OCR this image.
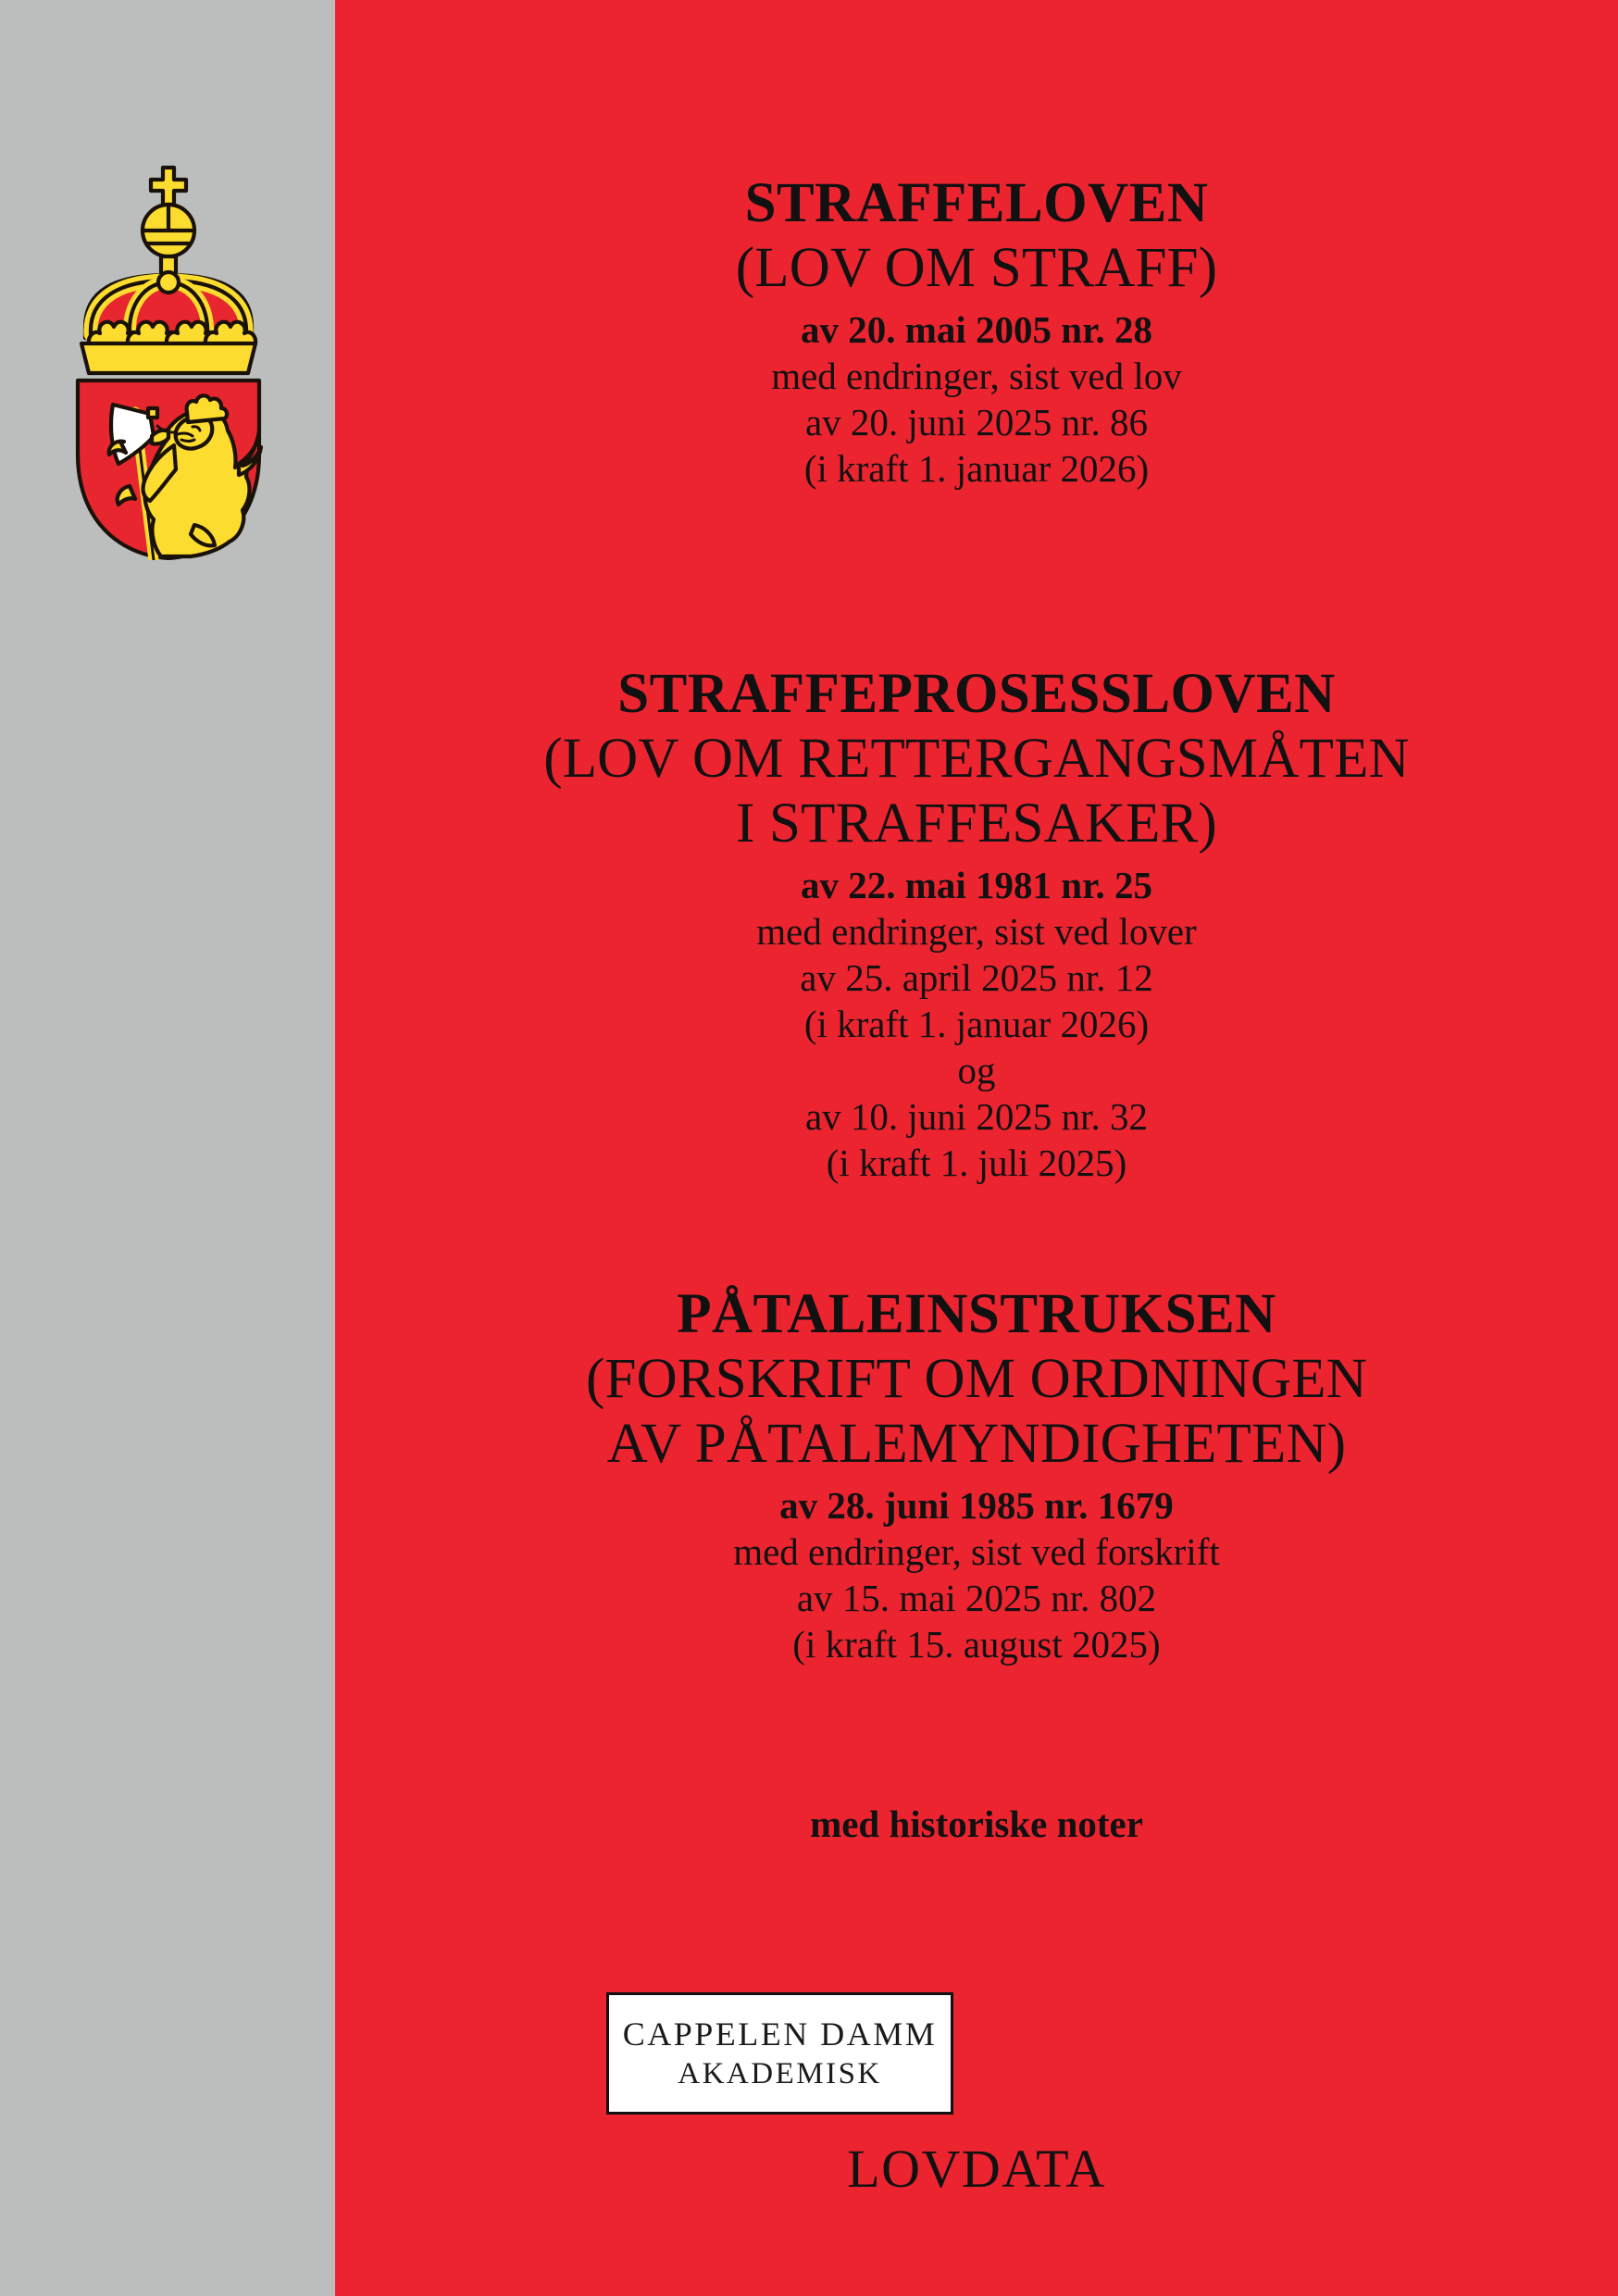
STRAFFELOVEN
(LOV OM STRAFF)
av 20. mai 2005 nr. 28
med endringer, sist ved lov
av 20. juni 2025 nr. 86
(i kraft 1. januar 2026)
STRAFFEPROSESSLOVEN
(LOV OM RETTERGANGSMÅTEN
I STRAFFESAKER)
av 22. mai 1981 nr. 25
med endringer, sist ved lover
av 25. april 2025 nr. 12
(i kraft 1. januar 2026)
og
av 10. juni 2025 nr. 32
(i kraft 1. juli 2025)
PÅTALEINSTRUKSEN
(FORSKRIFT OM ORDNINGEN
AV PÅTALEMYNDIGHETEN)
av 28. juni 1985 nr. 1679
med endringer, sist ved forskrift
av 15. mai 2025 nr. 802
(i kraft 15. august 2025)
med historiske noter
LOVDATA
CAPPELEN DAMM
AKADEMISK
